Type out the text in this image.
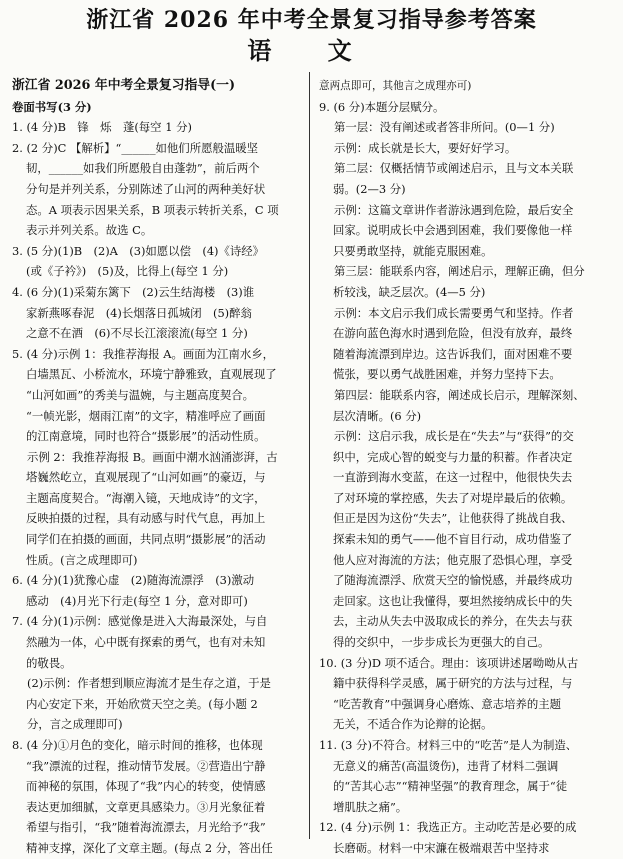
浙江省 2026 年中考全景复习指导参考答案
语 文
浙江省 2026 年中考全景复习指导(一)
卷面书写(3 分)
1. (4 分)B　锋　烁　蓬(每空 1 分)
2. (2 分)C 【解析】“______如他们所愿般温暖坚
韧，______如我们所愿般自由蓬勃”，前后两个
分句是并列关系，分别陈述了山河的两种美好状
态。A 项表示因果关系，B 项表示转折关系，C 项
表示并列关系。故选 C。
3. (5 分)(1)B　(2)A　(3)如愿以偿　(4)《诗经》
(或《子衿》)　(5)及，比得上(每空 1 分)
4. (6 分)(1)采菊东篱下　(2)云生结海楼　(3)谁
家新燕啄春泥　(4)长烟落日孤城闭　(5)醉翁
之意不在酒　(6)不尽长江滚滚流(每空 1 分)
5. (4 分)示例 1：我推荐海报 A。画面为江南水乡，
白墙黑瓦、小桥流水，环境宁静雅致，直观展现了
“山河如画”的秀美与温婉，与主题高度契合。
“一帧光影，烟雨江南”的文字，精准呼应了画面
的江南意境，同时也符合“摄影展”的活动性质。
示例 2：我推荐海报 B。画面中潮水汹涌澎湃，古
塔巍然屹立，直观展现了“山河如画”的豪迈，与
主题高度契合。“海潮入镜，天地成诗”的文字，
反映拍摄的过程，具有动感与时代气息，再加上
同学们在拍摄的画面，共同点明“摄影展”的活动
性质。(言之成理即可)
6. (4 分)(1)犹豫心虚　(2)随海流漂浮　(3)激动
感动　(4)月光下行走(每空 1 分，意对即可)
7. (4 分)(1)示例：感觉像是进入大海最深处，与自
然融为一体，心中既有探索的勇气，也有对未知
的敬畏。
(2)示例：作者想到顺应海流才是生存之道，于是
内心安定下来，开始欣赏天空之美。(每小题 2
分，言之成理即可)
8. (4 分)①月色的变化，暗示时间的推移，也体现
“我”漂流的过程，推动情节发展。②营造出宁静
而神秘的氛围，体现了“我”内心的转变，使情感
表达更加细腻，文章更具感染力。③月光象征着
希望与指引，“我”随着海流漂去，月光给予“我”
精神支撑，深化了文章主题。(每点 2 分，答出任
意两点即可，其他言之成理亦可)
9. (6 分)本题分层赋分。
第一层：没有阐述或者答非所问。(0—1 分)
示例：成长就是长大，要好好学习。
第二层：仅概括情节或阐述启示，且与文本关联
弱。(2—3 分)
示例：这篇文章讲作者游泳遇到危险，最后安全
回家。说明成长中会遇到困难，我们要像他一样
只要勇敢坚持，就能克服困难。
第三层：能联系内容，阐述启示，理解正确，但分
析较浅，缺乏层次。(4—5 分)
示例：本文启示我们成长需要勇气和坚持。作者
在游向蓝色海水时遇到危险，但没有放弃，最终
随着海流漂到岸边。这告诉我们，面对困难不要
慌张，要以勇气战胜困难，并努力坚持下去。
第四层：能联系内容，阐述成长启示，理解深刻、
层次清晰。(6 分)
示例：这启示我，成长是在“失去”与“获得”的交
织中，完成心智的蜕变与力量的积蓄。作者决定
一直游到海水变蓝，在这一过程中，他很快失去
了对环境的掌控感，失去了对堤岸最后的依赖。
但正是因为这份“失去”，让他获得了挑战自我、
探索未知的勇气——他不盲目行动，成功借鉴了
他人应对海流的方法；他克服了恐惧心理，享受
了随海流漂浮、欣赏天空的愉悦感，并最终成功
走回家。这也让我懂得，要坦然接纳成长中的失
去，主动从失去中汲取成长的养分，在失去与获
得的交织中，一步步成长为更强大的自己。
10. (3 分)D 项不适合。理由：该项讲述屠呦呦从古
籍中获得科学灵感，属于研究的方法与过程，与
“吃苦教育”中强调身心磨炼、意志培养的主题
无关，不适合作为论辩的论据。
11. (3 分)不符合。材料三中的“吃苦”是人为制造、
无意义的痛苦(高温烫伤)，违背了材料二强调
的“苦其心志”“精神坚强”的教育理念，属于“徒
增肌肤之痛”。
12. (4 分)示例 1：我选正方。主动吃苦是必要的成
长磨砺。材料一中宋濂在极端艰苦中坚持求
